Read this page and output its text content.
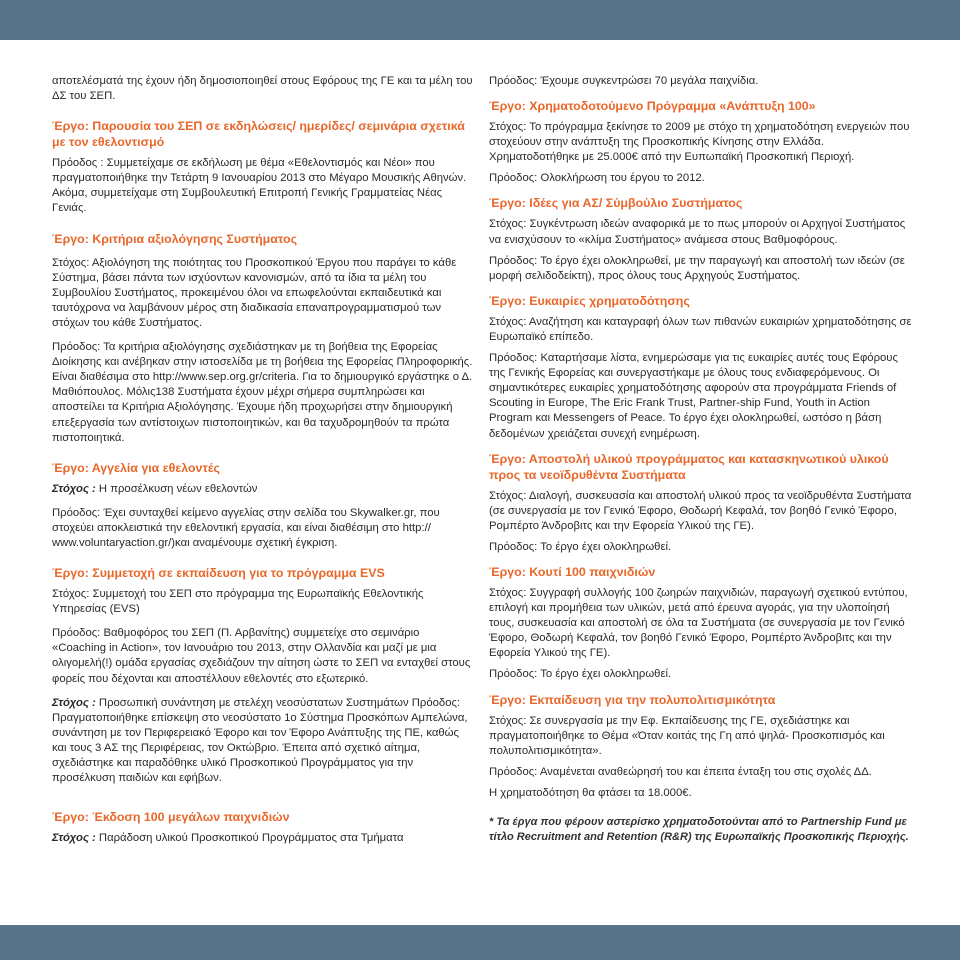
αποτελέσματά της έχουν ήδη δημοσιοποιηθεί στους Εφόρους της ΓΕ και τα μέλη του ΔΣ του ΣΕΠ.

Έργο: Παρουσία του ΣΕΠ σε εκδηλώσεις/ ημερίδες/ σεμινάρια σχετικά με τον εθελοντισμό

Πρόοδος : Συμμετείχαμε σε εκδήλωση με θέμα «Εθελοντισμός και Νέοι» που πραγματοποιήθηκε την Τετάρτη 9 Ιανουαρίου 2013 στο Μέγαρο Μουσικής Αθηνών. Ακόμα, συμμετείχαμε στη Συμβουλευτική Επιτροπή Γενικής Γραμματείας Νέας Γενιάς.

Έργο: Κριτήρια αξιολόγησης Συστήματος

Στόχος: Αξιολόγηση της ποιότητας του Προσκοπικού Έργου που παράγει το κάθε Σύστημα, βάσει πάντα των ισχύοντων κανονισμών, από τα ίδια τα μέλη του Συμβουλίου Συστήματος, προκειμένου όλοι να επωφελούνται εκπαιδευτικά και ταυτόχρονα να λαμβάνουν μέρος στη διαδικασία επαναπρογραμματισμού των στόχων του κάθε Συστήματος.

Πρόοδος: Τα κριτήρια αξιολόγησης σχεδιάστηκαν με τη βοήθεια της Εφορείας Διοίκησης και ανέβηκαν στην ιστοσελίδα με τη βοήθεια της Εφορείας Πληροφορικής. Είναι διαθέσιμα στο http://www.sep.org.gr/criteria. Για το δημιουργικό εργάστηκε ο Δ. Μαθιόπουλος. Μόλις138 Συστήματα έχουν μέχρι σήμερα συμπληρώσει και αποστείλει τα Κριτήρια Αξιολόγησης. Έχουμε ήδη προχωρήσει στην δημιουργική επεξεργασία των αντίστοιχων πιστοποιητικών, και θα ταχυδρομηθούν τα πρώτα πιστοποιητικά.

Έργο: Αγγελία για εθελοντές

Στόχος : Η προσέλκυση νέων εθελοντών

Πρόοδος: Έχει συνταχθεί κείμενο αγγελίας στην σελίδα του Skywalker.gr, που στοχεύει αποκλειστικά την εθελοντική εργασία, και είναι διαθέσιμη στο http:// www.voluntaryaction.gr/)και αναμένουμε σχετική έγκριση.

Έργο: Συμμετοχή σε εκπαίδευση για το πρόγραμμα EVS

Στόχος: Συμμετοχή του ΣΕΠ στο πρόγραμμα της Ευρωπαϊκής Εθελοντικής Υπηρεσίας (EVS)

Πρόοδος: Βαθμοφόρος του ΣΕΠ (Π. Αρβανίτης) συμμετείχε στο σεμινάριο «Coaching in Action», τον Ιανουάριο του 2013, στην Ολλανδία και μαζί με μια ολιγομελή(!) ομάδα εργασίας σχεδιάζουν την αίτηση ώστε το ΣΕΠ να ενταχθεί στους φορείς που δέχονται και αποστέλλουν εθελοντές στο εξωτερικό.

Στόχος : Προσωπική συνάντηση με στελέχη νεοσύστατων Συστημάτων Πρόοδος: Πραγματοποιήθηκε επίσκεψη στο νεοσύστατο 1ο Σύστημα Προσκόπων Αμπελώνα, συνάντηση με τον Περιφερειακό Έφορο και τον Έφορο Ανάπτυξης της ΠΕ, καθώς και τους 3 ΑΣ της Περιφέρειας, τον Οκτώβριο. Έπειτα από σχετικό αίτημα, σχεδιάστηκε και παραδόθηκε υλικό Προσκοπικού Προγράμματος για την προσέλκυση παιδιών και εφήβων.

Έργο: Έκδοση 100 μεγάλων παιχνιδιών

Στόχος : Παράδοση υλικού Προσκοπικού Προγράμματος στα Τμήματα

Πρόοδος: Έχουμε συγκεντρώσει 70 μεγάλα παιχνίδια.

Έργο: Χρηματοδοτούμενο Πρόγραμμα «Ανάπτυξη 100»

Στόχος: Το πρόγραμμα ξεκίνησε το 2009 με στόχο τη χρηματοδότηση ενεργειών που στοχεύουν στην ανάπτυξη της Προσκοπικής Κίνησης στην Ελλάδα. Χρηματοδοτήθηκε με 25.000€ από την Ευπωπαϊκή Προσκοπική Περιοχή.

Πρόοδος: Ολοκλήρωση του έργου το 2012.

Έργο: Ιδέες για ΑΣ/ Σύμβούλιο Συστήματος

Στόχος: Συγκέντρωση ιδεών αναφορικά με το πως μπορούν οι Αρχηγοί Συστήματος να ενισχύσουν το «κλίμα Συστήματος» ανάμεσα στους Βαθμοφόρους.

Πρόοδος: Το έργο έχει ολοκληρωθεί, με την παραγωγή και αποστολή των ιδεών (σε μορφή σελιδοδείκτη), προς όλους τους Αρχηγούς Συστήματος.

Έργο: Ευκαιρίες χρηματοδότησης

Στόχος: Αναζήτηση και καταγραφή όλων των πιθανών ευκαιριών χρηματοδότησης σε Ευρωπαϊκό επίπεδο.

Πρόοδος: Καταρτήσαμε λίστα, ενημερώσαμε για τις ευκαιρίες αυτές τους Εφόρους της Γενικής Εφορείας και συνεργαστήκαμε με όλους τους ενδιαφερόμενους. Οι σημαντικότερες ευκαιρίες χρηματοδότησης αφορούν στα προγράμματα Friends of Scouting in Europe, The Eric Frank Trust, Partner-ship Fund, Youth in Action Program και Messengers of Peace. Το έργο έχει ολοκληρωθεί, ωστόσο η βάση δεδομένων χρειάζεται συνεχή ενημέρωση.

Έργο: Αποστολή υλικού προγράμματος και κατασκηνωτικού υλικού προς τα νεοϊδρυθέντα Συστήματα

Στόχος: Διαλογή, συσκευασία και αποστολή υλικού προς τα νεοϊδρυθέντα Συστήματα (σε συνεργασία με τον Γενικό Έφορο, Θοδωρή Κεφαλά, τον βοηθό Γενικό Έφορο, Ρομπέρτο Άνδροβιτς και την Εφορεία Υλικού της ΓΕ).

Πρόοδος: Το έργο έχει ολοκληρωθεί.

Έργο: Κουτί 100 παιχνιδιών

Στόχος: Συγγραφή συλλογής 100 ζωηρών παιχνιδιών, παραγωγή σχετικού εντύπου, επιλογή και προμήθεια των υλικών, μετά από έρευνα αγοράς, για την υλοποίησή τους, συσκευασία και αποστολή σε όλα τα Συστήματα (σε συνεργασία με τον Γενικό Έφορο, Θοδωρή Κεφαλά, τον βοηθό Γενικό Έφορο, Ρομπέρτο Άνδροβιτς και την Εφορεία Υλικού της ΓΕ).

Πρόοδος: Το έργο έχει ολοκληρωθεί.

Έργο: Εκπαίδευση για την πολυπολιτισμικότητα

Στόχος: Σε συνεργασία με την Εφ. Εκπαίδευσης της ΓΕ, σχεδιάστηκε και πραγματοποιήθηκε το Θέμα «Όταν κοιτάς της Γη από ψηλά- Προσκοπισμός και πολυπολιτισμικότητα».

Πρόοδος: Αναμένεται αναθεώρησή του και έπειτα ένταξη του στις σχολές ΔΔ.

Η χρηματοδότηση θα φτάσει τα 18.000€.

* Τα έργα που φέρουν αστερίσκο χρηματοδοτούνται από το Partnership Fund με τίτλο Recruitment and Retention (R&R) της Ευρωπαϊκής Προσκοπικής Περιοχής.
